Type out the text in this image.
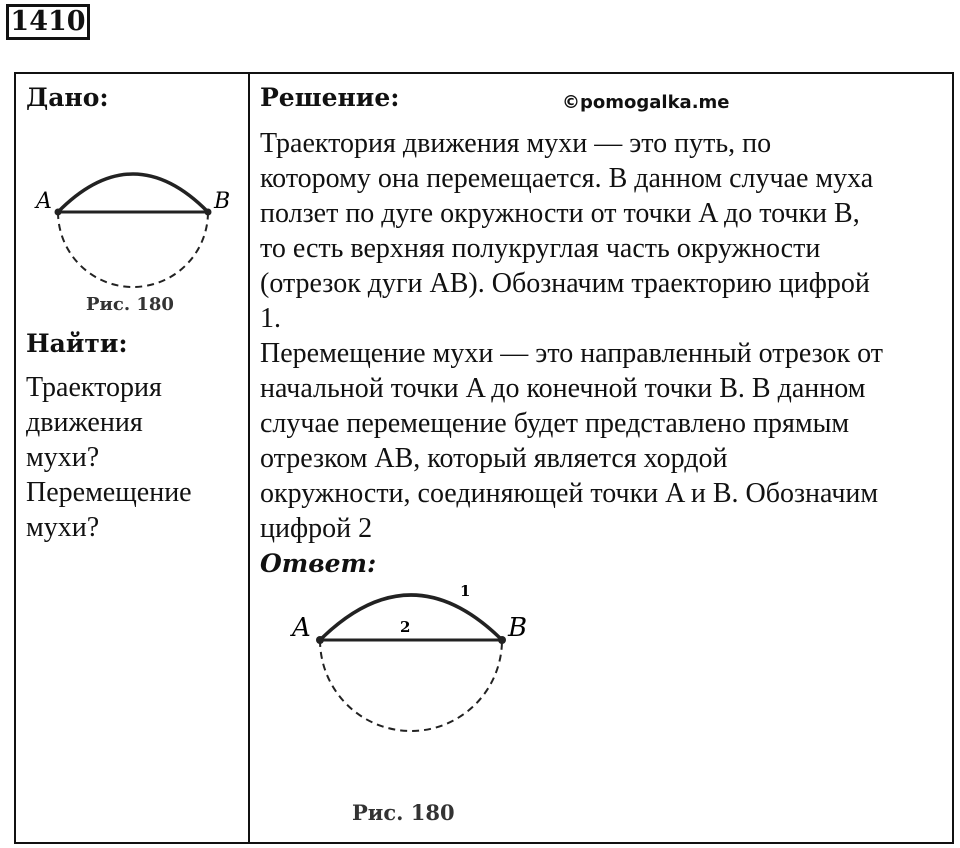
1410

Дано:

A	B
Рис. 180

Найти:

Траектория

движения

мухи?

Перемещение

мухи?

Решение:	©pomogalka.me

Траектория движения мухи — это путь, по

которому она перемещается. В данном случае муха

ползет по дуге окружности от точки A до точки B,

то есть верхняя полукруглая часть окружности

(отрезок дуги AB). Обозначим траекторию цифрой

1.

Перемещение мухи — это направленный отрезок от

начальной точки A до конечной точки B. В данном

случае перемещение будет представлено прямым

отрезком AB, который является хордой

окружности, соединяющей точки A и B. Обозначим

цифрой 2

Ответ:

A	B
1
2
Рис. 180
